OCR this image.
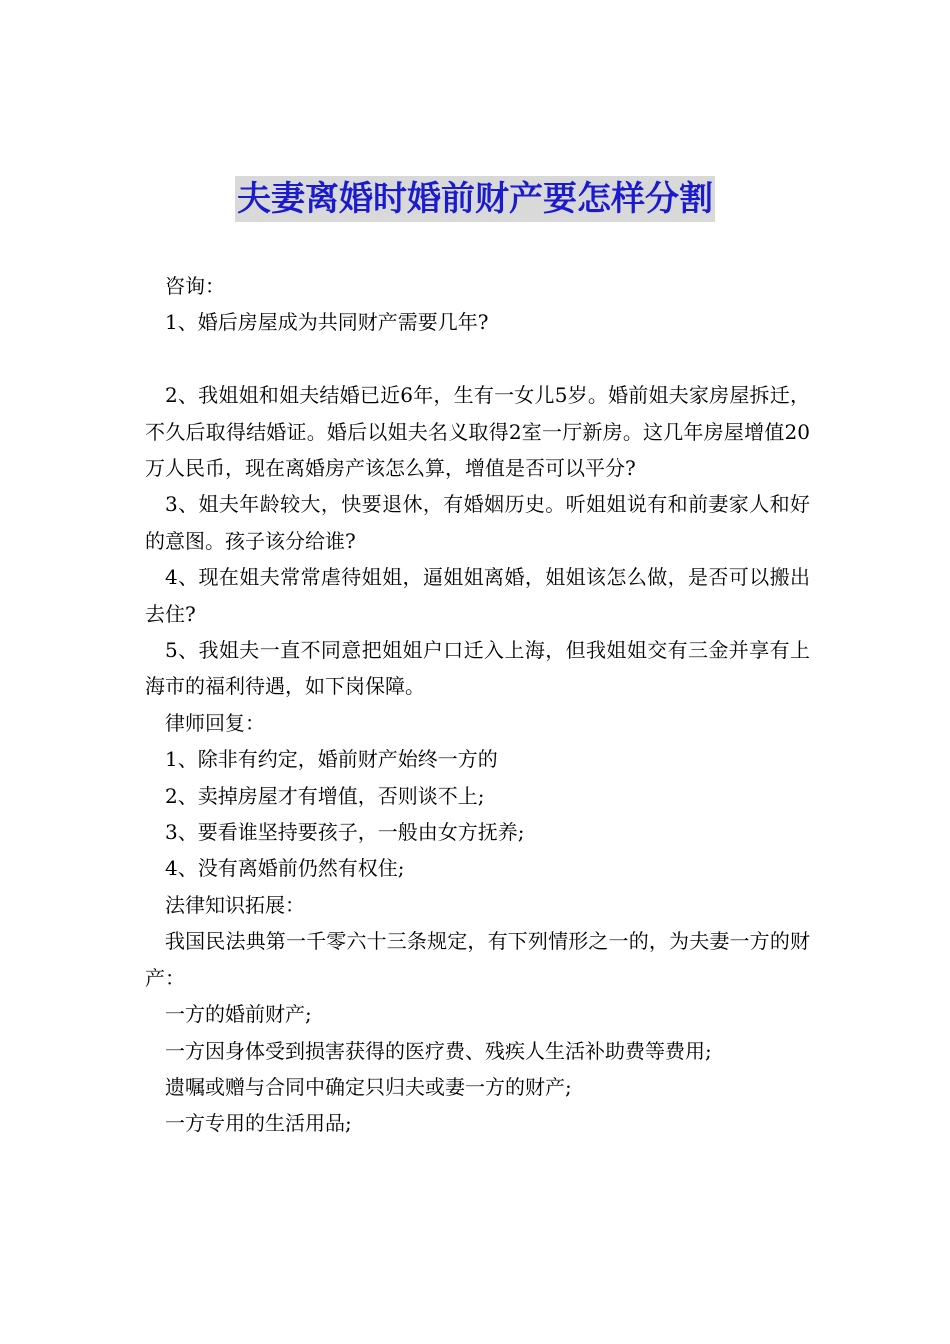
夫妻离婚时婚前财产要怎样分割

咨询：

1、婚后房屋成为共同财产需要几年?

2、我姐姐和姐夫结婚已近6年，生有一女儿5岁。婚前姐夫家房屋拆迁，不久后取得结婚证。婚后以姐夫名义取得2室一厅新房。这几年房屋增值20万人民币，现在离婚房产该怎么算，增值是否可以平分?

3、姐夫年龄较大，快要退休，有婚姻历史。听姐姐说有和前妻家人和好的意图。孩子该分给谁?

4、现在姐夫常常虐待姐姐，逼姐姐离婚，姐姐该怎么做，是否可以搬出去住?

5、我姐夫一直不同意把姐姐户口迁入上海，但我姐姐交有三金并享有上海市的福利待遇，如下岗保障。

律师回复：

1、除非有约定，婚前财产始终一方的

2、卖掉房屋才有增值，否则谈不上;

3、要看谁坚持要孩子，一般由女方抚养;

4、没有离婚前仍然有权住;

法律知识拓展：

我国民法典第一千零六十三条规定，有下列情形之一的，为夫妻一方的财产：

一方的婚前财产;

一方因身体受到损害获得的医疗费、残疾人生活补助费等费用;

遗嘱或赠与合同中确定只归夫或妻一方的财产;

一方专用的生活用品;
